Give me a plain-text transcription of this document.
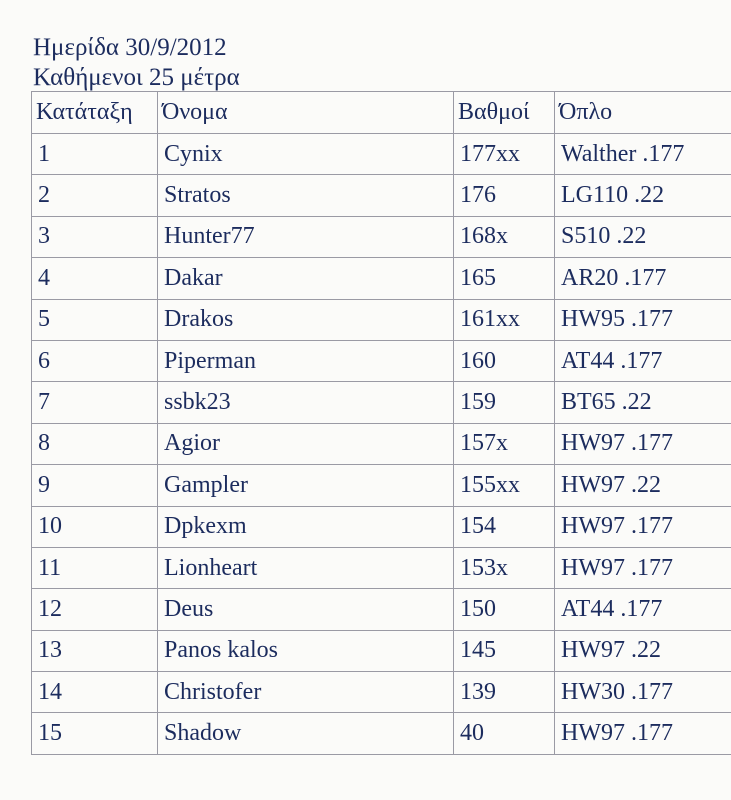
Ημερίδα 30/9/2012
Καθήμενοι 25 μέτρα
Κατάταξη	Όνομα	Βαθμοί	Όπλο
1	Cynix	177xx	Walther .177
2	Stratos	176	LG110 .22
3	Hunter77	168x	S510 .22
4	Dakar	165	AR20 .177
5	Drakos	161xx	HW95 .177
6	Piperman	160	AT44 .177
7	ssbk23	159	BT65 .22
8	Agior	157x	HW97 .177
9	Gampler	155xx	HW97 .22
10	Dpkexm	154	HW97 .177
11	Lionheart	153x	HW97 .177
12	Deus	150	AT44 .177
13	Panos kalos	145	HW97 .22
14	Christofer	139	HW30 .177
15	Shadow	40	HW97 .177
